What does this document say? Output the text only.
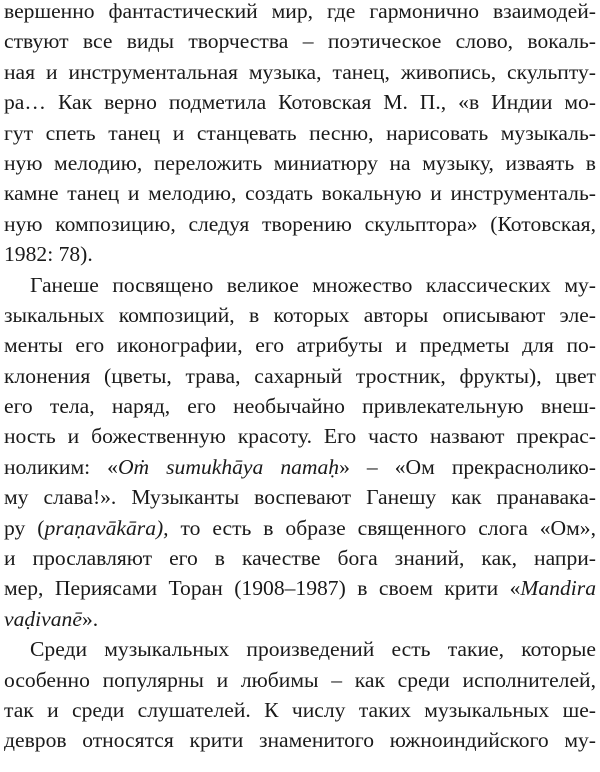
вершенно фантастический мир, где гармонично взаимодей-
ствуют все виды творчества – поэтическое слово, вокаль-
ная и инструментальная музыка, танец, живопись, скульпту-
ра… Как верно подметила Котовская М. П., «в Индии мо-
гут спеть танец и станцевать песню, нарисовать музыкаль-
ную мелодию, переложить миниатюру на музыку, изваять в
камне танец и мелодию, создать вокальную и инструменталь-
ную композицию, следуя творению скульптора» (Котовская,
1982: 78).
Ганеше посвящено великое множество классических му-
зыкальных композиций, в которых авторы описывают эле-
менты его иконографии, его атрибуты и предметы для по-
клонения (цветы, трава, сахарный тростник, фрукты), цвет
его тела, наряд, его необычайно привлекательную внеш-
ность и божественную красоту. Его часто назвают прекрас-
ноликим: «Oṁ sumukhāya namaḥ» – «Ом прекраснолико-
му слава!». Музыканты воспевают Ганешу как пранавака-
ру (praṇavākāra), то есть в образе священного слога «Ом»,
и прославляют его в качестве бога знаний, как, напри-
мер, Периясами Торан (1908–1987) в своем крити «Mandira
vaḍivanē».
Среди музыкальных произведений есть такие, которые
особенно популярны и любимы – как среди исполнителей,
так и среди слушателей. К числу таких музыкальных ше-
девров относятся крити знаменитого южноиндийского му-
